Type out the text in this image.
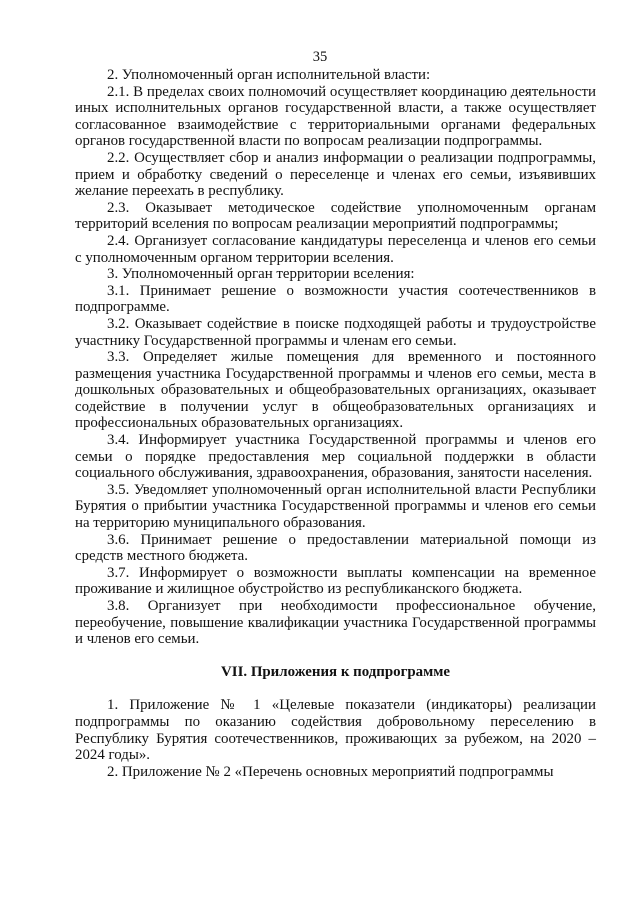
35

2. Уполномоченный орган исполнительной власти:

2.1. В пределах своих полномочий осуществляет координацию деятельности иных исполнительных органов государственной власти, а также осуществляет согласованное взаимодействие с территориальными органами федеральных органов государственной власти по вопросам реализации подпрограммы.

2.2. Осуществляет сбор и анализ информации о реализации подпрограммы, прием и обработку сведений о переселенце и членах его семьи, изъявивших желание переехать в республику.

2.3. Оказывает методическое содействие уполномоченным органам территорий вселения по вопросам реализации мероприятий подпрограммы;

2.4. Организует согласование кандидатуры переселенца и членов его семьи с уполномоченным органом территории вселения.

3. Уполномоченный орган территории вселения:

3.1. Принимает решение о возможности участия соотечественников в подпрограмме.

3.2. Оказывает содействие в поиске подходящей работы и трудоустройстве участнику Государственной программы и членам его семьи.

3.3. Определяет жилые помещения для временного и постоянного размещения участника Государственной программы и членов его семьи, места в дошкольных образовательных и общеобразовательных организациях, оказывает содействие в получении услуг в общеобразовательных организациях и профессиональных образовательных организациях.

3.4. Информирует участника Государственной программы и членов его семьи о порядке предоставления мер социальной поддержки в области социального обслуживания, здравоохранения, образования, занятости населения.

3.5. Уведомляет уполномоченный орган исполнительной власти Республики Бурятия о прибытии участника Государственной программы и членов его семьи на территорию муниципального образования.

3.6. Принимает решение о предоставлении материальной помощи из средств местного бюджета.

3.7. Информирует о возможности выплаты компенсации на временное проживание и жилищное обустройство из республиканского бюджета.

3.8. Организует при необходимости профессиональное обучение, переобучение, повышение квалификации участника Государственной программы и членов его семьи.

VII. Приложения к подпрограмме

1. Приложение № 1 «Целевые показатели (индикаторы) реализации подпрограммы по оказанию содействия добровольному переселению в Республику Бурятия соотечественников, проживающих за рубежом, на 2020 – 2024 годы».

2. Приложение № 2 «Перечень основных мероприятий подпрограммы
